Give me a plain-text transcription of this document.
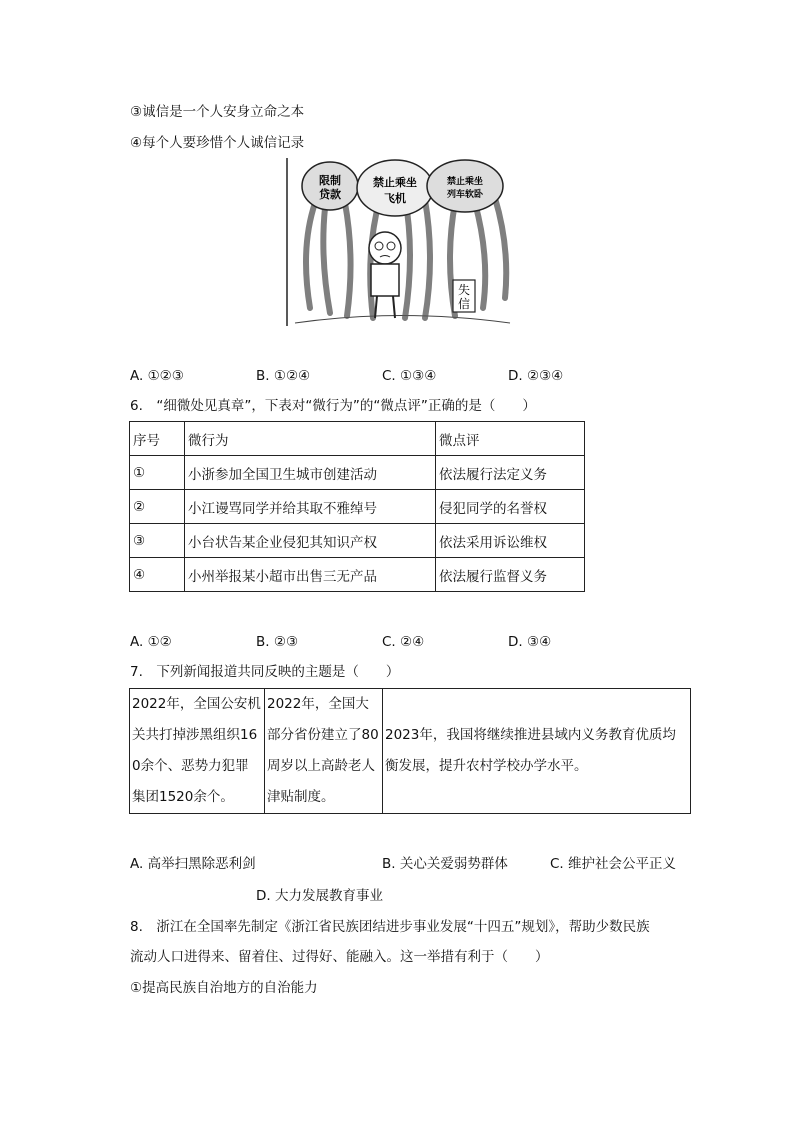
③诚信是一个人安身立命之本
④每个人要珍惜个人诚信记录
限制
贷款
禁止乘坐
飞机
禁止乘坐
列车软卧
失
信
A. ①②③	B. ①②④	C. ①③④	D. ②③④
6.　“细微处见真章”，下表对“微行为”的“微点评”正确的是（　　）
序号	微行为	微点评
①	小浙参加全国卫生城市创建活动	依法履行法定义务
②	小江谩骂同学并给其取不雅绰号	侵犯同学的名誉权
③	小台状告某企业侵犯其知识产权	依法采用诉讼维权
④	小州举报某小超市出售三无产品	依法履行监督义务
A. ①②	B. ②③	C. ②④	D. ③④
7.　下列新闻报道共同反映的主题是（　　）
2022年，全国公安机关共打掉涉黑组织160余个、恶势力犯罪集团1520余个。	2022年，全国大部分省份建立了80周岁以上高龄老人津贴制度。	2023年，我国将继续推进县域内义务教育优质均衡发展，提升农村学校办学水平。
A. 高举扫黑除恶利剑	B. 关心关爱弱势群体	C. 维护社会公平正义
D. 大力发展教育事业
8.　浙江在全国率先制定《浙江省民族团结进步事业发展“十四五”规划》，帮助少数民族
流动人口进得来、留着住、过得好、能融入。这一举措有利于（　　）
①提高民族自治地方的自治能力
